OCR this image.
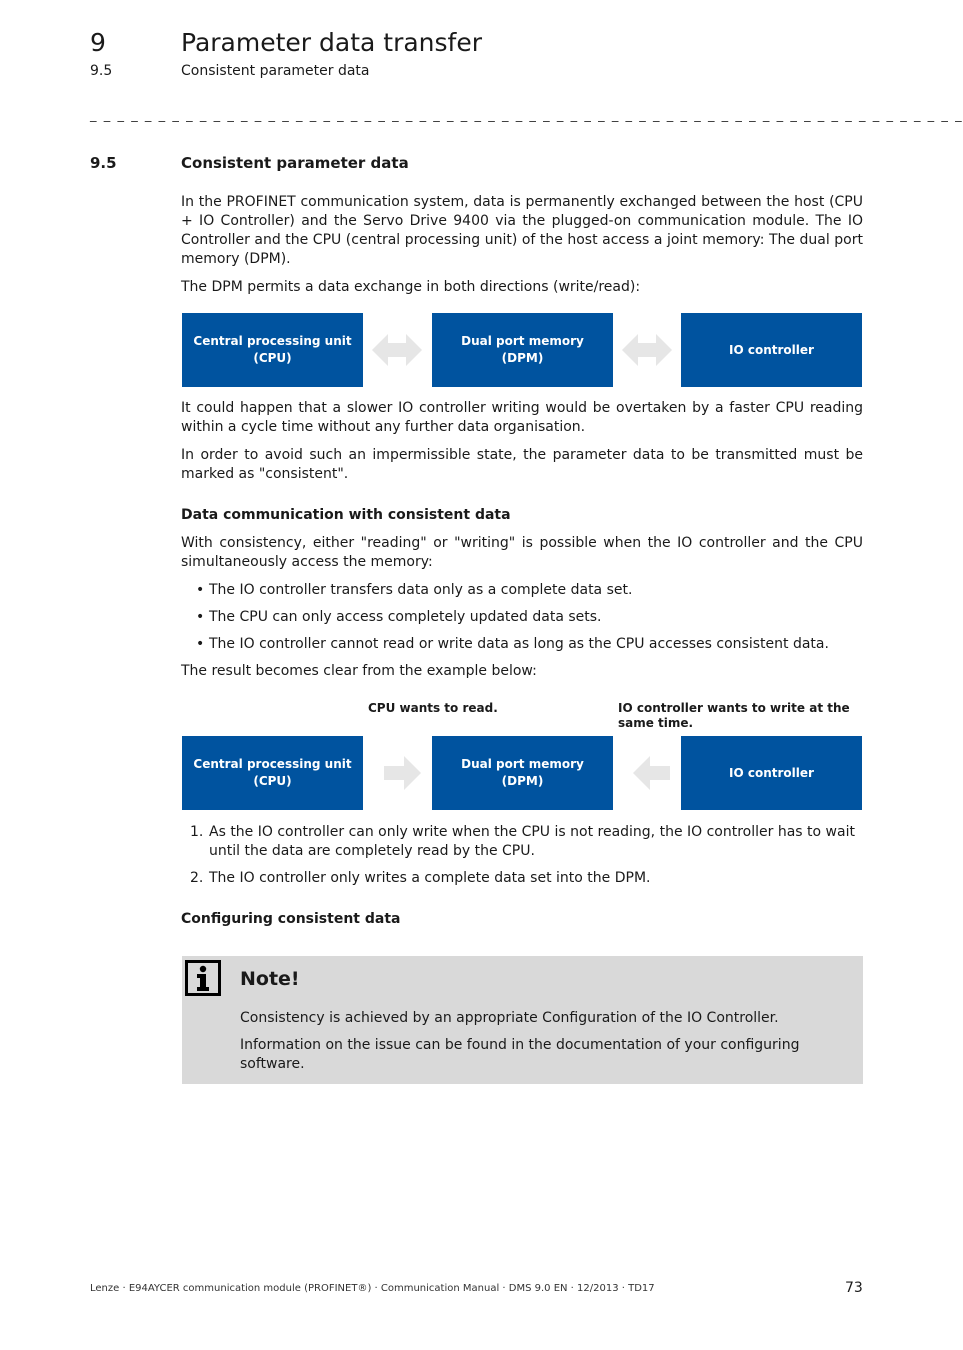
9	Parameter data transfer
9.5	Consistent parameter data
_ _ _ _ _ _ _ _ _ _ _ _ _ _ _ _ _ _ _ _ _ _ _ _ _ _ _ _ _ _ _ _ _ _ _ _ _ _ _ _ _ _ _ _ _ _ _ _ _ _ _ _ _ _ _ _ _ _ _ _ _ _ _ _
9.5	Consistent parameter data
In the PROFINET communication system, data is permanently exchanged between the host (CPU + IO Controller) and the Servo Drive 9400 via the plugged-on communication module. The IO Controller and the CPU (central processing unit) of the host access a joint memory: The dual port memory (DPM).
The DPM permits a data exchange in both directions (write/read):
Central processing unit
(CPU)
Dual port memory
(DPM)
IO controller
It could happen that a slower IO controller writing would be overtaken by a faster CPU reading within a cycle time without any further data organisation.
In order to avoid such an impermissible state, the parameter data to be transmitted must be marked as "consistent".
Data communication with consistent data
With consistency, either "reading" or "writing" is possible when the IO controller and the CPU simultaneously access the memory:
• The IO controller transfers data only as a complete data set.
• The CPU can only access completely updated data sets.
• The IO controller cannot read or write data as long as the CPU accesses consistent data.
The result becomes clear from the example below:
CPU wants to read.	IO controller wants to write at the same time.
Central processing unit
(CPU)
Dual port memory
(DPM)
IO controller
1. As the IO controller can only write when the CPU is not reading, the IO controller has to wait until the data are completely read by the CPU.
2. The IO controller only writes a complete data set into the DPM.
Configuring consistent data
Note!
Consistency is achieved by an appropriate Configuration of the IO Controller.
Information on the issue can be found in the documentation of your configuring software.
Lenze · E94AYCER communication module (PROFINET®) · Communication Manual · DMS 9.0 EN · 12/2013 · TD17	73
